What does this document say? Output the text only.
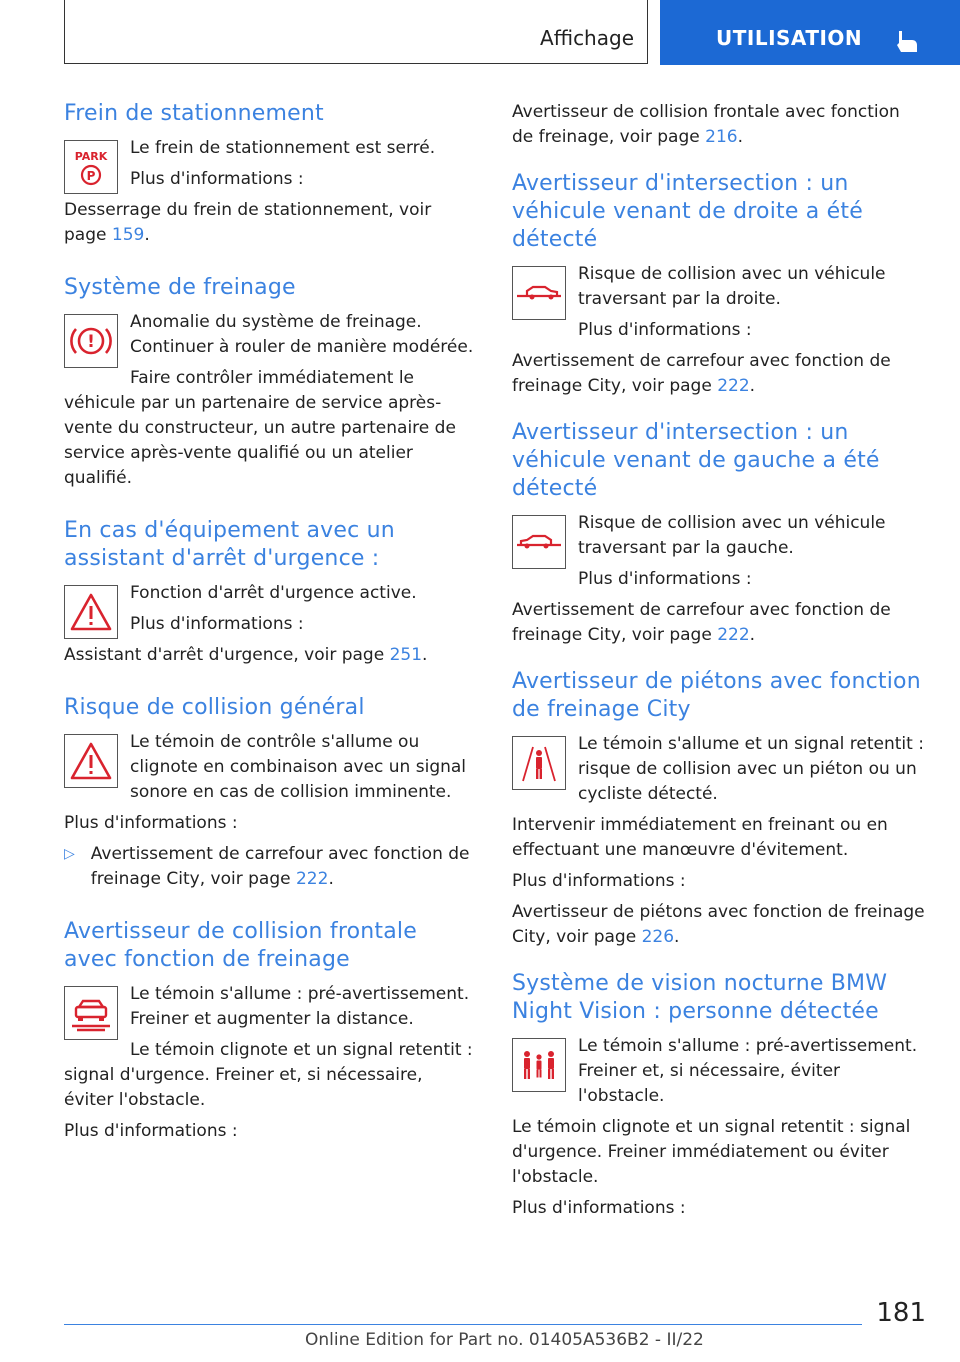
Affichage	UTILISATION
Frein de stationnement
PARK
P

Le frein de stationnement est serré.

Plus d'informations :

Desserrage du frein de stationnement, voir page 159.

Système de freinage
!

Anomalie du système de freinage. Continuer à rouler de manière modérée.

Faire contrôler immédiatement le véhicule par un partenaire de service après-vente du constructeur, un autre partenaire de service après-vente qualifié ou un atelier qualifié.

En cas d'équipement avec un assistant d'arrêt d'urgence :

Fonction d'arrêt d'urgence active.

Plus d'informations :

Assistant d'arrêt d'urgence, voir page 251.

Risque de collision général

Le témoin de contrôle s'allume ou clignote en combinaison avec un signal sonore en cas de collision imminente.

Plus d'informations :

▷ Avertissement de carrefour avec fonction de freinage City, voir page 222.

Avertisseur de collision frontale avec fonction de freinage

Le témoin s'allume : pré-avertissement. Freiner et augmenter la distance.

Le témoin clignote et un signal retentit : signal d'urgence. Freiner et, si nécessaire, éviter l'obstacle.

Plus d'informations :

Avertisseur de collision frontale avec fonction de freinage, voir page 216.

Avertisseur d'intersection : un véhicule venant de droite a été détecté

Risque de collision avec un véhicule traversant par la droite.

Plus d'informations :

Avertissement de carrefour avec fonction de freinage City, voir page 222.

Avertisseur d'intersection : un véhicule venant de gauche a été détecté

Risque de collision avec un véhicule traversant par la gauche.

Plus d'informations :

Avertissement de carrefour avec fonction de freinage City, voir page 222.

Avertisseur de piétons avec fonction de freinage City

Le témoin s'allume et un signal retentit : risque de collision avec un piéton ou un cycliste détecté.

Intervenir immédiatement en freinant ou en effectuant une manœuvre d'évitement.

Plus d'informations :

Avertisseur de piétons avec fonction de freinage City, voir page 226.

Système de vision nocturne BMW Night Vision : personne détectée

Le témoin s'allume : pré-avertissement. Freiner et, si nécessaire, éviter l'obstacle.

Le témoin clignote et un signal retentit : signal d'urgence. Freiner immédiatement ou éviter l'obstacle.

Plus d'informations :

181
Online Edition for Part no. 01405A536B2 - II/22
